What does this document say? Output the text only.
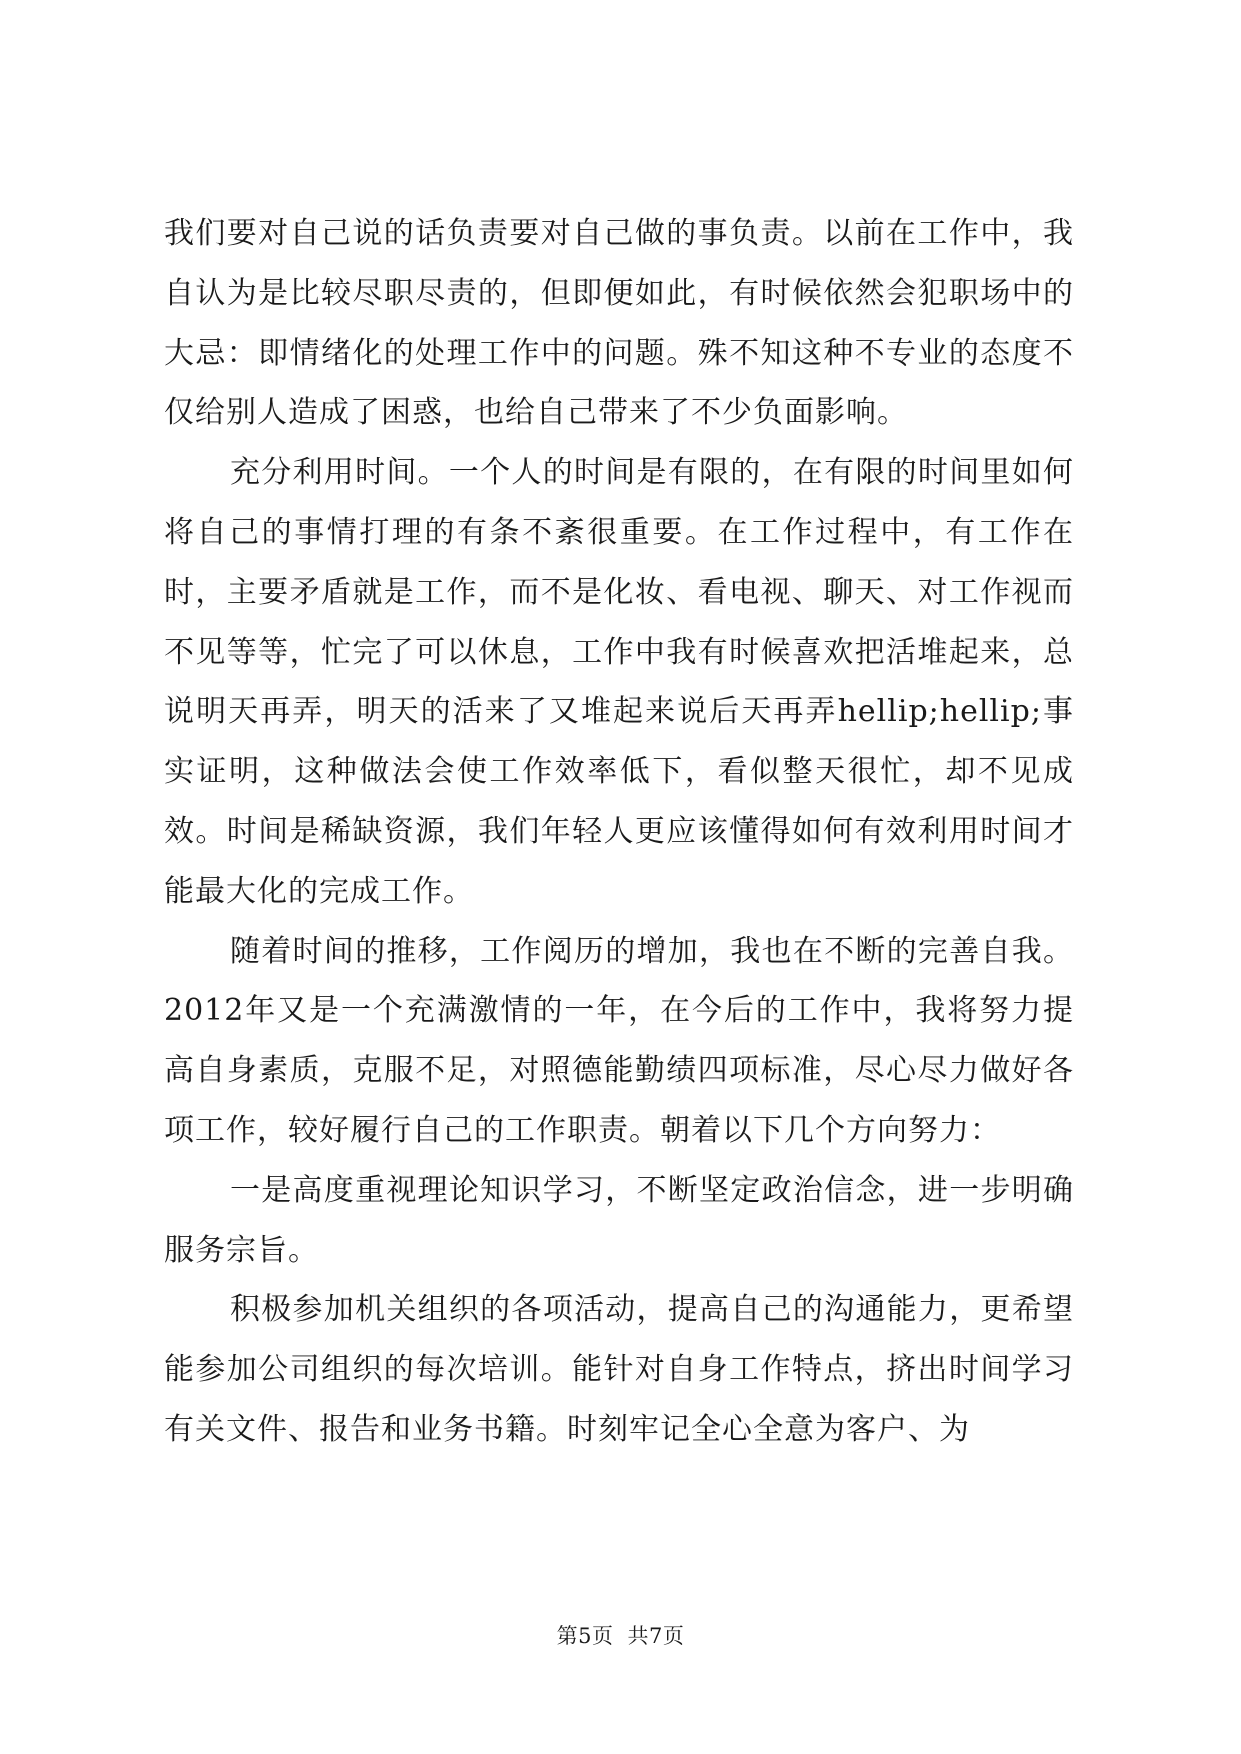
我们要对自己说的话负责要对自己做的事负责。以前在工作中，我自认为是比较尽职尽责的，但即便如此，有时候依然会犯职场中的大忌：即情绪化的处理工作中的问题。殊不知这种不专业的态度不仅给别人造成了困惑，也给自己带来了不少负面影响。

充分利用时间。一个人的时间是有限的，在有限的时间里如何将自己的事情打理的有条不紊很重要。在工作过程中，有工作在时，主要矛盾就是工作，而不是化妆、看电视、聊天、对工作视而不见等等，忙完了可以休息，工作中我有时候喜欢把活堆起来，总说明天再弄，明天的活来了又堆起来说后天再弄hellip;hellip;事实证明，这种做法会使工作效率低下，看似整天很忙，却不见成效。时间是稀缺资源，我们年轻人更应该懂得如何有效利用时间才能最大化的完成工作。

随着时间的推移，工作阅历的增加，我也在不断的完善自我。2012年又是一个充满激情的一年，在今后的工作中，我将努力提高自身素质，克服不足，对照德能勤绩四项标准，尽心尽力做好各项工作，较好履行自己的工作职责。朝着以下几个方向努力：

一是高度重视理论知识学习，不断坚定政治信念，进一步明确服务宗旨。

积极参加机关组织的各项活动，提高自己的沟通能力，更希望能参加公司组织的每次培训。能针对自身工作特点，挤出时间学习有关文件、报告和业务书籍。时刻牢记全心全意为客户、为

第5页 共7页
